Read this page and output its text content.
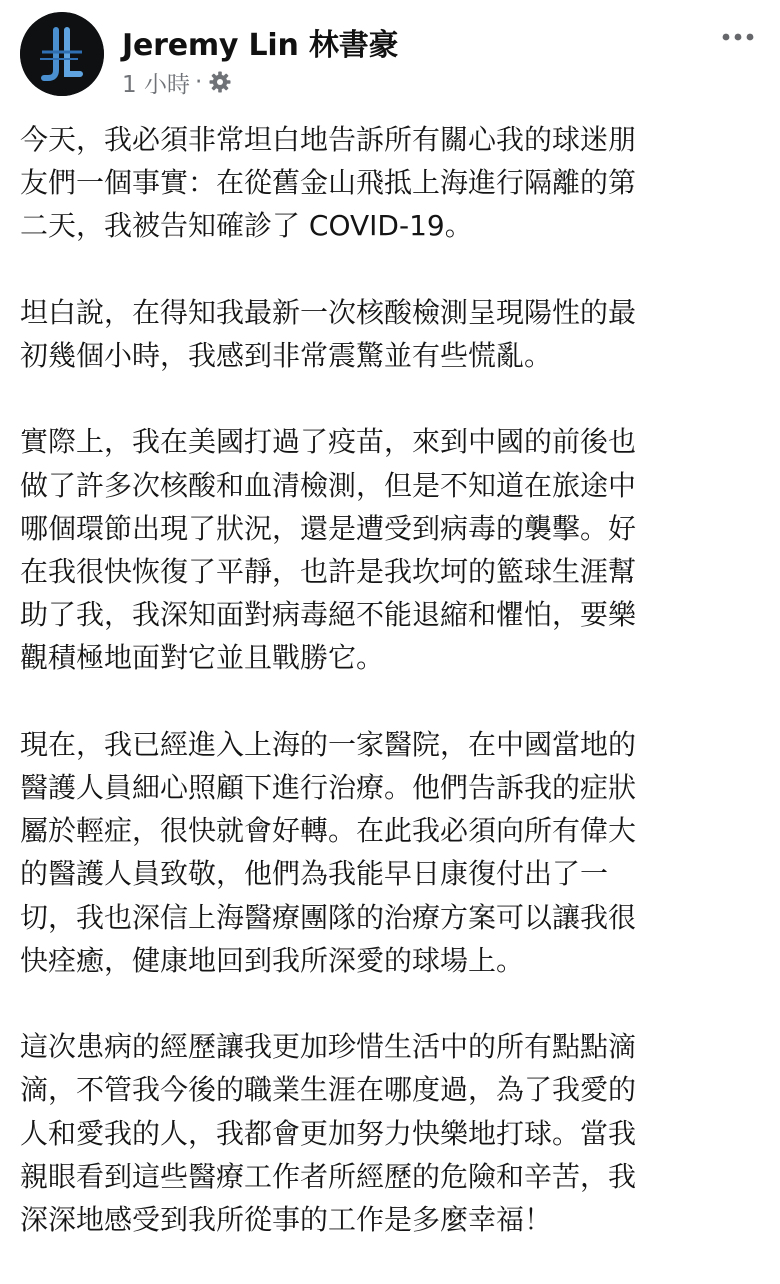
Jeremy Lin 林書豪
1 小時 ·

今天，我必須非常坦白地告訴所有關心我的球迷朋
友們一個事實：在從舊金山飛抵上海進行隔離的第
二天，我被告知確診了 COVID-19。

坦白說，在得知我最新一次核酸檢測呈現陽性的最
初幾個小時，我感到非常震驚並有些慌亂。

實際上，我在美國打過了疫苗，來到中國的前後也
做了許多次核酸和血清檢測，但是不知道在旅途中
哪個環節出現了狀況，還是遭受到病毒的襲擊。好
在我很快恢復了平靜，也許是我坎坷的籃球生涯幫
助了我，我深知面對病毒絕不能退縮和懼怕，要樂
觀積極地面對它並且戰勝它。

現在，我已經進入上海的一家醫院，在中國當地的
醫護人員細心照顧下進行治療。他們告訴我的症狀
屬於輕症，很快就會好轉。在此我必須向所有偉大
的醫護人員致敬，他們為我能早日康復付出了一
切，我也深信上海醫療團隊的治療方案可以讓我很
快痊癒，健康地回到我所深愛的球場上。

這次患病的經歷讓我更加珍惜生活中的所有點點滴
滴，不管我今後的職業生涯在哪度過，為了我愛的
人和愛我的人，我都會更加努力快樂地打球。當我
親眼看到這些醫療工作者所經歷的危險和辛苦，我
深深地感受到我所從事的工作是多麼幸福！
